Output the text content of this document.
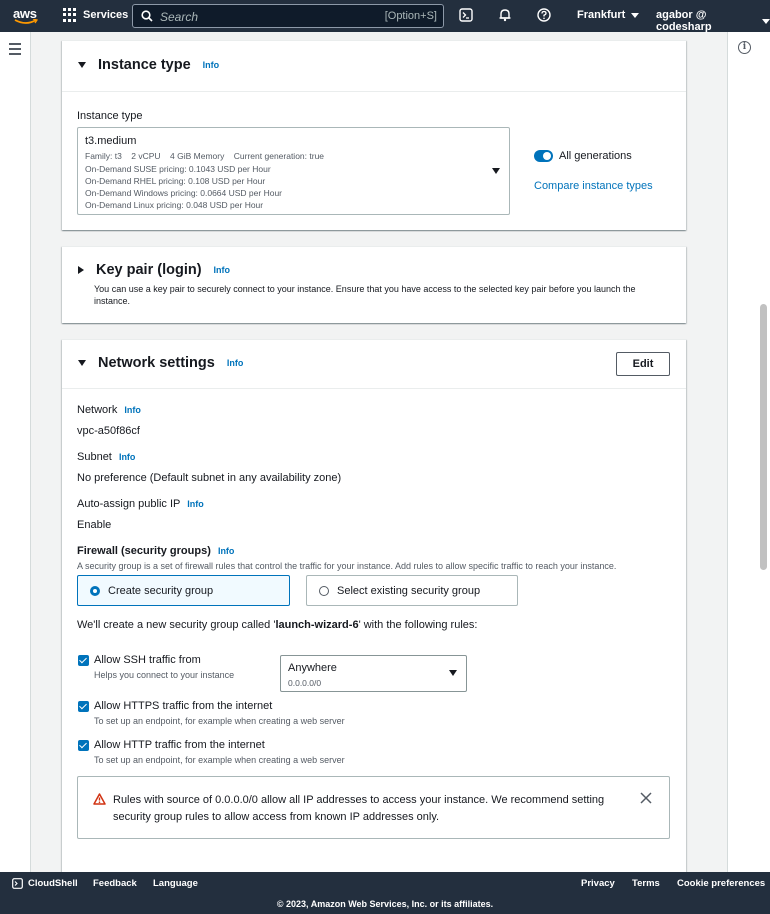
aws	Services	Search	[Option+S]	Frankfurt	agabor @ codesharp
i
Instance type Info
Instance type
t3.medium
Family: t3    2 vCPU    4 GiB Memory    Current generation: true
On-Demand SUSE pricing: 0.1043 USD per Hour
On-Demand RHEL pricing: 0.108 USD per Hour
On-Demand Windows pricing: 0.0664 USD per Hour
On-Demand Linux pricing: 0.048 USD per Hour
All generations
Compare instance types
Key pair (login) Info
You can use a key pair to securely connect to your instance. Ensure that you have access to the selected key pair before you launch the instance.
Network settings Info	Edit
Network Info
vpc-a50f86cf
Subnet Info
No preference (Default subnet in any availability zone)
Auto-assign public IP Info
Enable
Firewall (security groups) Info
A security group is a set of firewall rules that control the traffic for your instance. Add rules to allow specific traffic to reach your instance.
Create security group	Select existing security group
We'll create a new security group called 'launch-wizard-6' with the following rules:
Allow SSH traffic from
Helps you connect to your instance
Anywhere
0.0.0.0/0
Allow HTTPS traffic from the internet
To set up an endpoint, for example when creating a web server
Allow HTTP traffic from the internet
To set up an endpoint, for example when creating a web server
Rules with source of 0.0.0.0/0 allow all IP addresses to access your instance. We recommend setting security group rules to allow access from known IP addresses only.
CloudShell Feedback Language	Privacy Terms Cookie preferences
© 2023, Amazon Web Services, Inc. or its affiliates.
